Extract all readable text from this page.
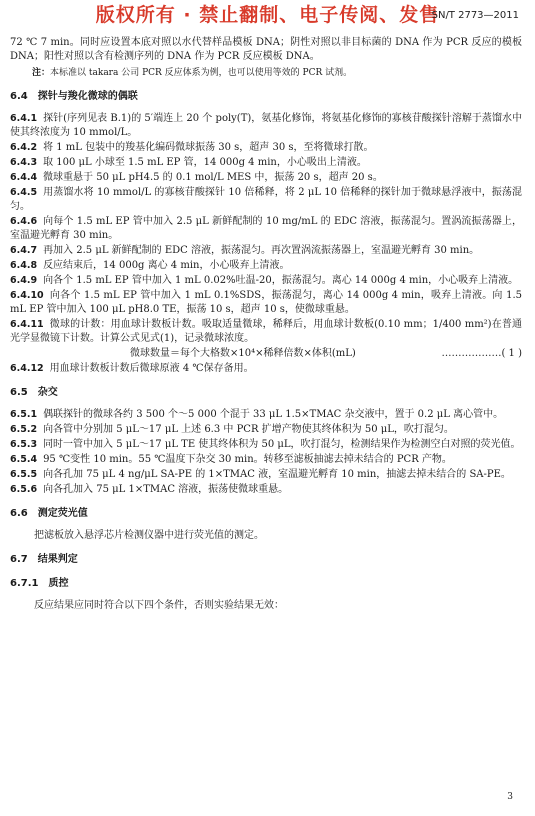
版权所有 · 禁止翻制、电子传阅、发售
SN/T 2773—2011

72 ℃ 7 min。同时应设置本底对照以水代替样品模板 DNA；阴性对照以非目标菌的 DNA 作为 PCR 反应的模板 DNA；阳性对照以含有检测序列的 DNA 作为 PCR 反应模板 DNA。

注：本标准以 takara 公司 PCR 反应体系为例，也可以使用等效的 PCR 试剂。

6.4 探针与羧化微球的偶联

6.4.1 探针(序列见表 B.1)的 5′端连上 20 个 poly(T)，氨基化修饰，将氨基化修饰的寡核苷酸探针溶解于蒸馏水中使其终浓度为 10 mmol/L。

6.4.2 将 1 mL 包装中的羧基化编码微球振荡 30 s，超声 30 s，至将微球打散。

6.4.3 取 100 μL 小球至 1.5 mL EP 管，14 000g 4 min，小心吸出上清液。

6.4.4 微球重悬于 50 μL pH4.5 的 0.1 mol/L MES 中，振荡 20 s，超声 20 s。

6.4.5 用蒸馏水将 10 mmol/L 的寡核苷酸探针 10 倍稀释，将 2 μL 10 倍稀释的探针加于微球悬浮液中，振荡混匀。

6.4.6 向每个 1.5 mL EP 管中加入 2.5 μL 新鲜配制的 10 mg/mL 的 EDC 溶液，振荡混匀。置涡流振荡器上，室温避光孵育 30 min。

6.4.7 再加入 2.5 μL 新鲜配制的 EDC 溶液，振荡混匀。再次置涡流振荡器上，室温避光孵育 30 min。

6.4.8 反应结束后，14 000g 离心 4 min，小心吸弃上清液。

6.4.9 向各个 1.5 mL EP 管中加入 1 mL 0.02%吐温-20，振荡混匀。离心 14 000g 4 min，小心吸弃上清液。

6.4.10 向各个 1.5 mL EP 管中加入 1 mL 0.1%SDS，振荡混匀，离心 14 000g 4 min，吸弃上清液。向 1.5 mL EP 管中加入 100 μL pH8.0 TE，振荡 10 s，超声 10 s，使微球重悬。

6.4.11 微球的计数：用血球计数板计数。吸取适量微球，稀释后，用血球计数板(0.10 mm；1/400 mm²)在普通光学显微镜下计数。计算公式见式(1)，记录微球浓度。

微球数量＝每个大格数×10⁴×稀释倍数×体积(mL)	………………( 1 )

6.4.12 用血球计数板计数后微球原液 4 ℃保存备用。

6.5 杂交

6.5.1 偶联探针的微球各约 3 500 个～5 000 个混于 33 μL 1.5×TMAC 杂交液中，置于 0.2 μL 离心管中。

6.5.2 向各管中分别加 5 μL～17 μL 上述 6.3 中 PCR 扩增产物使其终体积为 50 μL，吹打混匀。

6.5.3 同时一管中加入 5 μL～17 μL TE 使其终体积为 50 μL，吹打混匀，检测结果作为检测空白对照的荧光值。

6.5.4 95 ℃变性 10 min。55 ℃温度下杂交 30 min。转移至滤板抽滤去掉未结合的 PCR 产物。

6.5.5 向各孔加 75 μL 4 ng/μL SA-PE 的 1×TMAC 液，室温避光孵育 10 min，抽滤去掉未结合的 SA-PE。

6.5.6 向各孔加入 75 μL 1×TMAC 溶液，振荡使微球重悬。

6.6 测定荧光值

把滤板放入悬浮芯片检测仪器中进行荧光值的测定。

6.7 结果判定
6.7.1 质控

反应结果应同时符合以下四个条件，否则实验结果无效：

3
